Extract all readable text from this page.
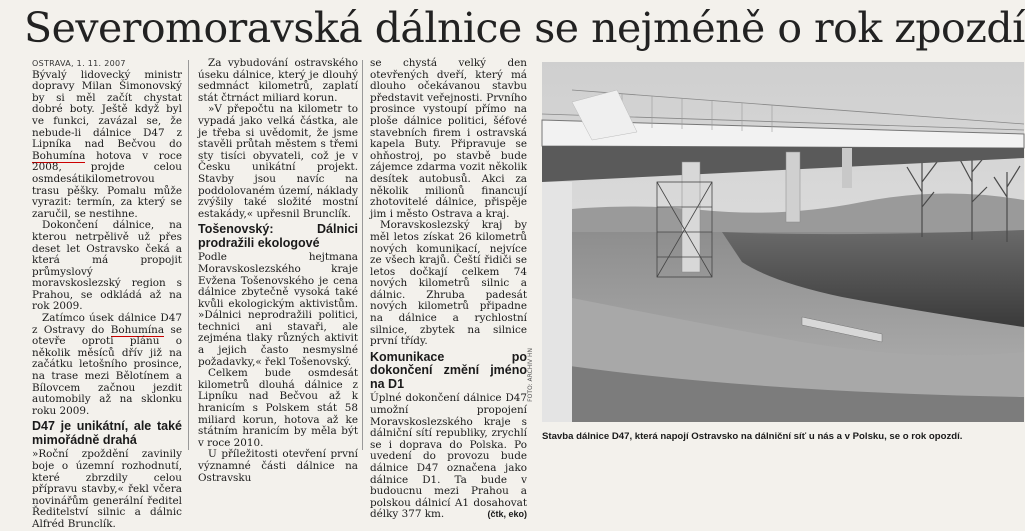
Severomoravská dálnice se nejméně o rok zpozdí
OSTRAVA, 1. 11. 2007

Bývalý lidovecký ministr dopravy Milan Šimonovský by si měl začít chystat dobré boty. Ještě když byl ve funkci, zavázal se, že nebude-li dálnice D47 z Lipníka nad Bečvou do Bohumína hotova v roce 2008, projde celou osmdesátikilometrovou trasu pěšky. Pomalu může vyrazit: termín, za který se zaručil, se nestihne.

Dokončení dálnice, na kterou netrpělivě už přes deset let Ostravsko čeká a která má propojit průmyslový moravskoslezský region s Prahou, se odkládá až na rok 2009.

Zatímco úsek dálnice D47 z Ostravy do Bohumína se otevře oproti plánu o několik měsíců dřív již na začátku letošního prosince, na trase mezi Bělotínem a Bílovcem začnou jezdit automobily až na sklonku roku 2009.

D47 je unikátní, ale také mimořádně drahá

»Roční zpoždění zavinily boje o územní rozhodnutí, které zbrzdily celou přípravu stavby,« řekl včera novinářům generální ředitel Ředitelství silnic a dálnic Alfréd Brunclík.

Za vybudování ostravského úseku dálnice, který je dlouhý sedmnáct kilometrů, zaplatí stát čtrnáct miliard korun.

»V přepočtu na kilometr to vypadá jako velká částka, ale je třeba si uvědomit, že jsme stavěli průtah městem s třemi sty tisíci obyvateli, což je v Česku unikátní projekt. Stavby jsou navíc na poddolovaném území, náklady zvýšily také složité mostní estakády,« upřesnil Brunclík.

Tošenovský: Dálnici prodražili ekologové

Podle hejtmana Moravskoslezského kraje Evžena Tošenovského je cena dálnice zbytečně vysoká také kvůli ekologickým aktivistům. »Dálnici neprodražili politici, technici ani stavaři, ale zejména tlaky různých aktivit a jejich často nesmyslné požadavky,« řekl Tošenovský.

Celkem bude osmdesát kilometrů dlouhá dálnice z Lipníku nad Bečvou až k hranicím s Polskem stát 58 miliard korun, hotova až ke státním hranicím by měla být v roce 2010.

U příležitosti otevření první významné části dálnice na Ostravsku

se chystá velký den otevřených dveří, který má dlouho očekávanou stavbu představit veřejnosti. Prvního prosince vystoupí přímo na ploše dálnice politici, šéfové stavebních firem i ostravská kapela Buty. Připravuje se ohňostroj, po stavbě bude zájemce zdarma vozit několik desítek autobusů. Akci za několik milionů financují zhotovitelé dálnice, přispěje jim i město Ostrava a kraj.

Moravskoslezský kraj by měl letos získat 26 kilometrů nových komunikací, nejvíce ze všech krajů. Čeští řidiči se letos dočkají celkem 74 nových kilometrů silnic a dálnic. Zhruba padesát nových kilometrů připadne na dálnice a rychlostní silnice, zbytek na silnice první třídy.

Komunikace po dokončení změní jméno na D1

Úplné dokončení dálnice D47 umožní propojení Moravskoslezského kraje s dálniční sítí republiky, zrychlí se i doprava do Polska. Po uvedení do provozu bude dálnice D47 označena jako dálnice D1. Ta bude v budoucnu mezi Prahou a polskou dálnicí A1 dosahovat délky 377 km.	(čtk, eko)

FOTO: ARCHIV HN
Stavba dálnice D47, která napojí Ostravsko na dálniční síť u nás a v Polsku, se o rok opozdí.
